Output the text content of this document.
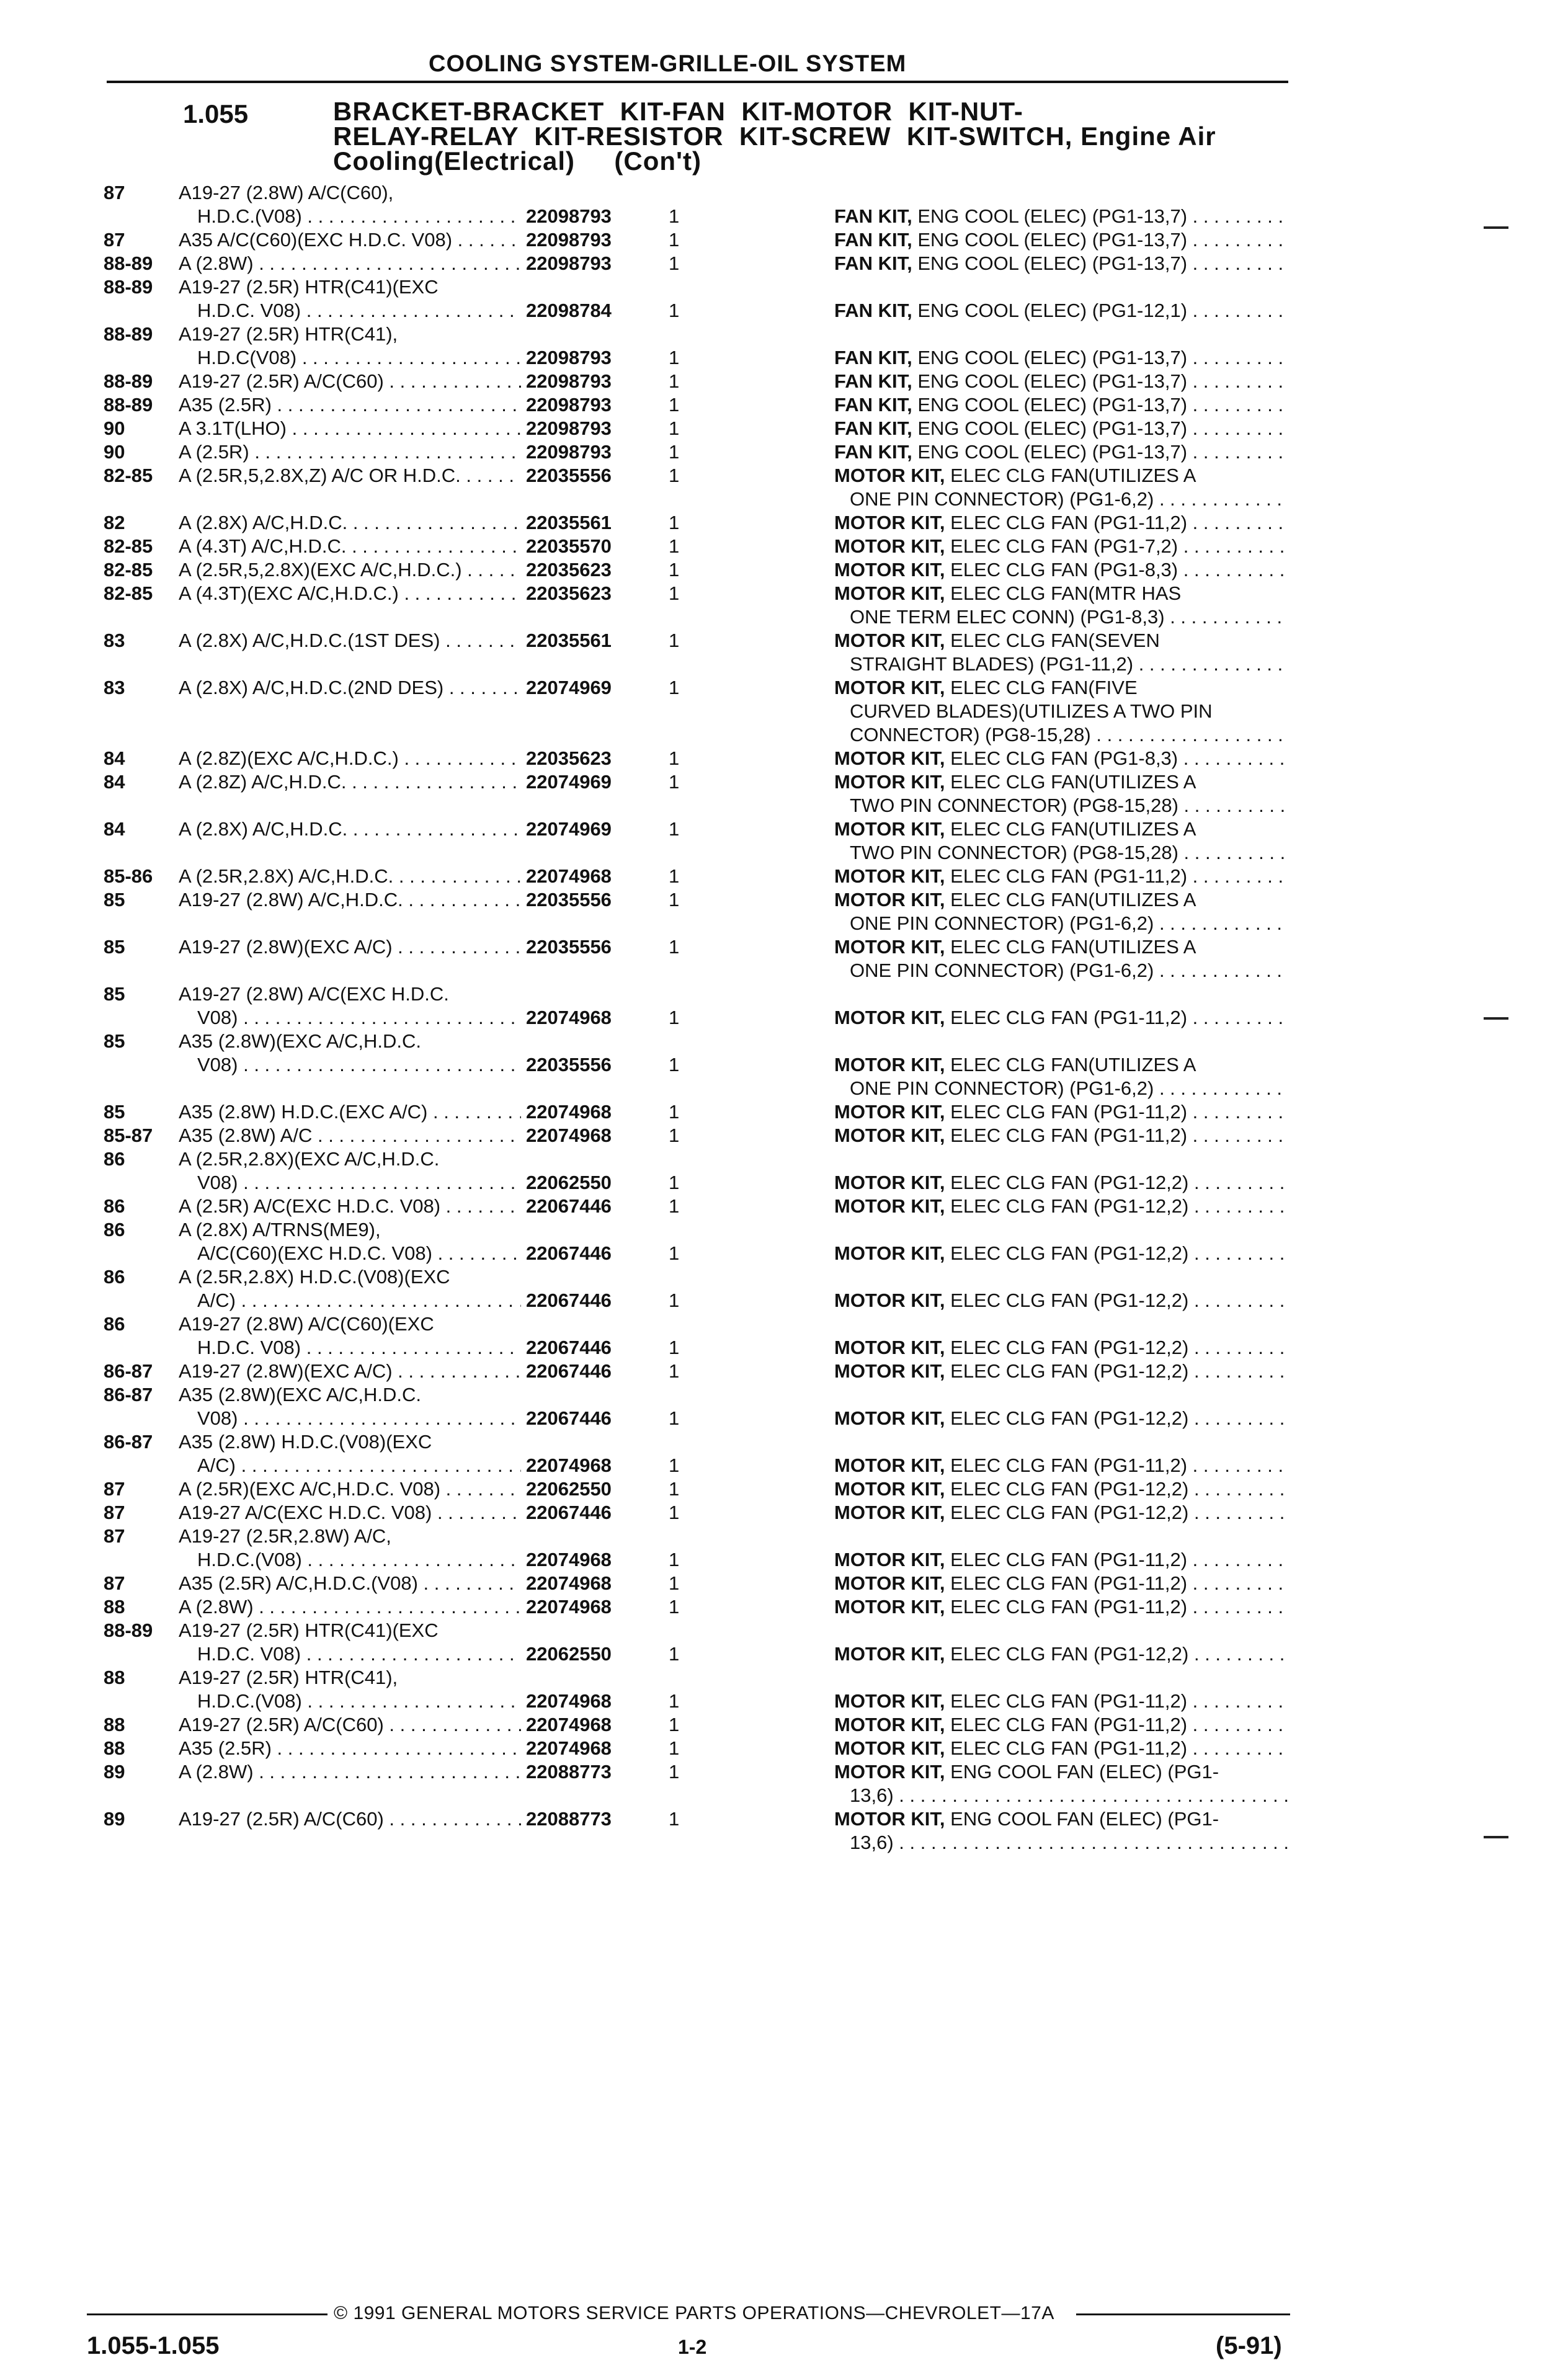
COOLING SYSTEM-GRILLE-OIL SYSTEM
1.055	BRACKET-BRACKET  KIT-FAN  KIT-MOTOR  KIT-NUT-
RELAY-RELAY  KIT-RESISTOR  KIT-SCREW  KIT-SWITCH, Engine Air
Cooling(Electrical)     (Con't)
87	A19-27 (2.8W) A/C(C60),
H.D.C.(V08) . . .	22098793	1	FAN KIT, ENG COOL (ELEC) (PG1-13,7) . . .
87	A35 A/C(C60)(EXC H.D.C. V08) . . .	22098793	1	FAN KIT, ENG COOL (ELEC) (PG1-13,7) . . .
88-89 A (2.8W) . . .	22098793	1	FAN KIT, ENG COOL (ELEC) (PG1-13,7) . . .
88-89 A19-27 (2.5R) HTR(C41)(EXC
H.D.C. V08) . . .	22098784	1	FAN KIT, ENG COOL (ELEC) (PG1-12,1) . . .
88-89 A19-27 (2.5R) HTR(C41),
H.D.C(V08) . . .	22098793	1	FAN KIT, ENG COOL (ELEC) (PG1-13,7) . . .
88-89 A19-27 (2.5R) A/C(C60) . . .	22098793	1	FAN KIT, ENG COOL (ELEC) (PG1-13,7) . . .
88-89 A35 (2.5R) . . .	22098793	1	FAN KIT, ENG COOL (ELEC) (PG1-13,7) . . .
90	A 3.1T(LHO) . . .	22098793	1	FAN KIT, ENG COOL (ELEC) (PG1-13,7) . . .
90	A (2.5R) . . .	22098793	1	FAN KIT, ENG COOL (ELEC) (PG1-13,7) . . .
82-85 A (2.5R,5,2.8X,Z) A/C OR H.D.C. . . .	22035556	1	MOTOR KIT, ELEC CLG FAN(UTILIZES A
ONE PIN CONNECTOR) (PG1-6,2) . . .
82	A (2.8X) A/C,H.D.C. . . .	22035561	1	MOTOR KIT, ELEC CLG FAN (PG1-11,2) . . .
82-85 A (4.3T) A/C,H.D.C. . . .	22035570	1	MOTOR KIT, ELEC CLG FAN (PG1-7,2) . . .
82-85 A (2.5R,5,2.8X)(EXC A/C,H.D.C.) . . .	22035623	1	MOTOR KIT, ELEC CLG FAN (PG1-8,3) . . .
82-85 A (4.3T)(EXC A/C,H.D.C.) . . .	22035623	1	MOTOR KIT, ELEC CLG FAN(MTR HAS
ONE TERM ELEC CONN) (PG1-8,3) . . .
83	A (2.8X) A/C,H.D.C.(1ST DES) . . .	22035561	1	MOTOR KIT, ELEC CLG FAN(SEVEN
STRAIGHT BLADES) (PG1-11,2) . . .
83	A (2.8X) A/C,H.D.C.(2ND DES) . . .	22074969	1	MOTOR KIT, ELEC CLG FAN(FIVE
CURVED BLADES)(UTILIZES A TWO PIN
CONNECTOR) (PG8-15,28) . . .
84	A (2.8Z)(EXC A/C,H.D.C.) . . .	22035623	1	MOTOR KIT, ELEC CLG FAN (PG1-8,3) . . .
84	A (2.8Z) A/C,H.D.C. . . .	22074969	1	MOTOR KIT, ELEC CLG FAN(UTILIZES A
TWO PIN CONNECTOR) (PG8-15,28) . . .
84	A (2.8X) A/C,H.D.C. . . .	22074969	1	MOTOR KIT, ELEC CLG FAN(UTILIZES A
TWO PIN CONNECTOR) (PG8-15,28) . . .
85-86 A (2.5R,2.8X) A/C,H.D.C. . . .	22074968	1	MOTOR KIT, ELEC CLG FAN (PG1-11,2) . . .
85	A19-27 (2.8W) A/C,H.D.C. . . .	22035556	1	MOTOR KIT, ELEC CLG FAN(UTILIZES A
ONE PIN CONNECTOR) (PG1-6,2) . . .
85	A19-27 (2.8W)(EXC A/C) . . .	22035556	1	MOTOR KIT, ELEC CLG FAN(UTILIZES A
ONE PIN CONNECTOR) (PG1-6,2) . . .
85	A19-27 (2.8W) A/C(EXC H.D.C.
V08) . . .	22074968	1	MOTOR KIT, ELEC CLG FAN (PG1-11,2) . . .
85	A35 (2.8W)(EXC A/C,H.D.C.
V08) . . .	22035556	1	MOTOR KIT, ELEC CLG FAN(UTILIZES A
ONE PIN CONNECTOR) (PG1-6,2) . . .
85	A35 (2.8W) H.D.C.(EXC A/C) . . .	22074968	1	MOTOR KIT, ELEC CLG FAN (PG1-11,2) . . .
85-87 A35 (2.8W) A/C . . .	22074968	1	MOTOR KIT, ELEC CLG FAN (PG1-11,2) . . .
86	A (2.5R,2.8X)(EXC A/C,H.D.C.
V08) . . .	22062550	1	MOTOR KIT, ELEC CLG FAN (PG1-12,2) . . .
86	A (2.5R) A/C(EXC H.D.C. V08) . . .	22067446	1	MOTOR KIT, ELEC CLG FAN (PG1-12,2) . . .
86	A (2.8X) A/TRNS(ME9),
A/C(C60)(EXC H.D.C. V08) . . .	22067446	1	MOTOR KIT, ELEC CLG FAN (PG1-12,2) . . .
86	A (2.5R,2.8X) H.D.C.(V08)(EXC
A/C) . . .	22067446	1	MOTOR KIT, ELEC CLG FAN (PG1-12,2) . . .
86	A19-27 (2.8W) A/C(C60)(EXC
H.D.C. V08) . . .	22067446	1	MOTOR KIT, ELEC CLG FAN (PG1-12,2) . . .
86-87 A19-27 (2.8W)(EXC A/C) . . .	22067446	1	MOTOR KIT, ELEC CLG FAN (PG1-12,2) . . .
86-87 A35 (2.8W)(EXC A/C,H.D.C.
V08) . . .	22067446	1	MOTOR KIT, ELEC CLG FAN (PG1-12,2) . . .
86-87 A35 (2.8W) H.D.C.(V08)(EXC
A/C) . . .	22074968	1	MOTOR KIT, ELEC CLG FAN (PG1-11,2) . . .
87	A (2.5R)(EXC A/C,H.D.C. V08) . . .	22062550	1	MOTOR KIT, ELEC CLG FAN (PG1-12,2) . . .
87	A19-27 A/C(EXC H.D.C. V08) . . .	22067446	1	MOTOR KIT, ELEC CLG FAN (PG1-12,2) . . .
87	A19-27 (2.5R,2.8W) A/C,
H.D.C.(V08) . . .	22074968	1	MOTOR KIT, ELEC CLG FAN (PG1-11,2) . . .
87	A35 (2.5R) A/C,H.D.C.(V08) . . .	22074968	1	MOTOR KIT, ELEC CLG FAN (PG1-11,2) . . .
88	A (2.8W) . . .	22074968	1	MOTOR KIT, ELEC CLG FAN (PG1-11,2) . . .
88-89 A19-27 (2.5R) HTR(C41)(EXC
H.D.C. V08) . . .	22062550	1	MOTOR KIT, ELEC CLG FAN (PG1-12,2) . . .
88	A19-27 (2.5R) HTR(C41),
H.D.C.(V08) . . .	22074968	1	MOTOR KIT, ELEC CLG FAN (PG1-11,2) . . .
88	A19-27 (2.5R) A/C(C60) . . .	22074968	1	MOTOR KIT, ELEC CLG FAN (PG1-11,2) . . .
88	A35 (2.5R) . . .	22074968	1	MOTOR KIT, ELEC CLG FAN (PG1-11,2) . . .
89	A (2.8W) . . .	22088773	1	MOTOR KIT, ENG COOL FAN (ELEC) (PG1-
13,6) . . .
89	A19-27 (2.5R) A/C(C60) . . .	22088773	1	MOTOR KIT, ENG COOL FAN (ELEC) (PG1-
13,6) . . .
© 1991 GENERAL MOTORS SERVICE PARTS OPERATIONS—CHEVROLET—17A
1.055-1.055	1-2	(5-91)
